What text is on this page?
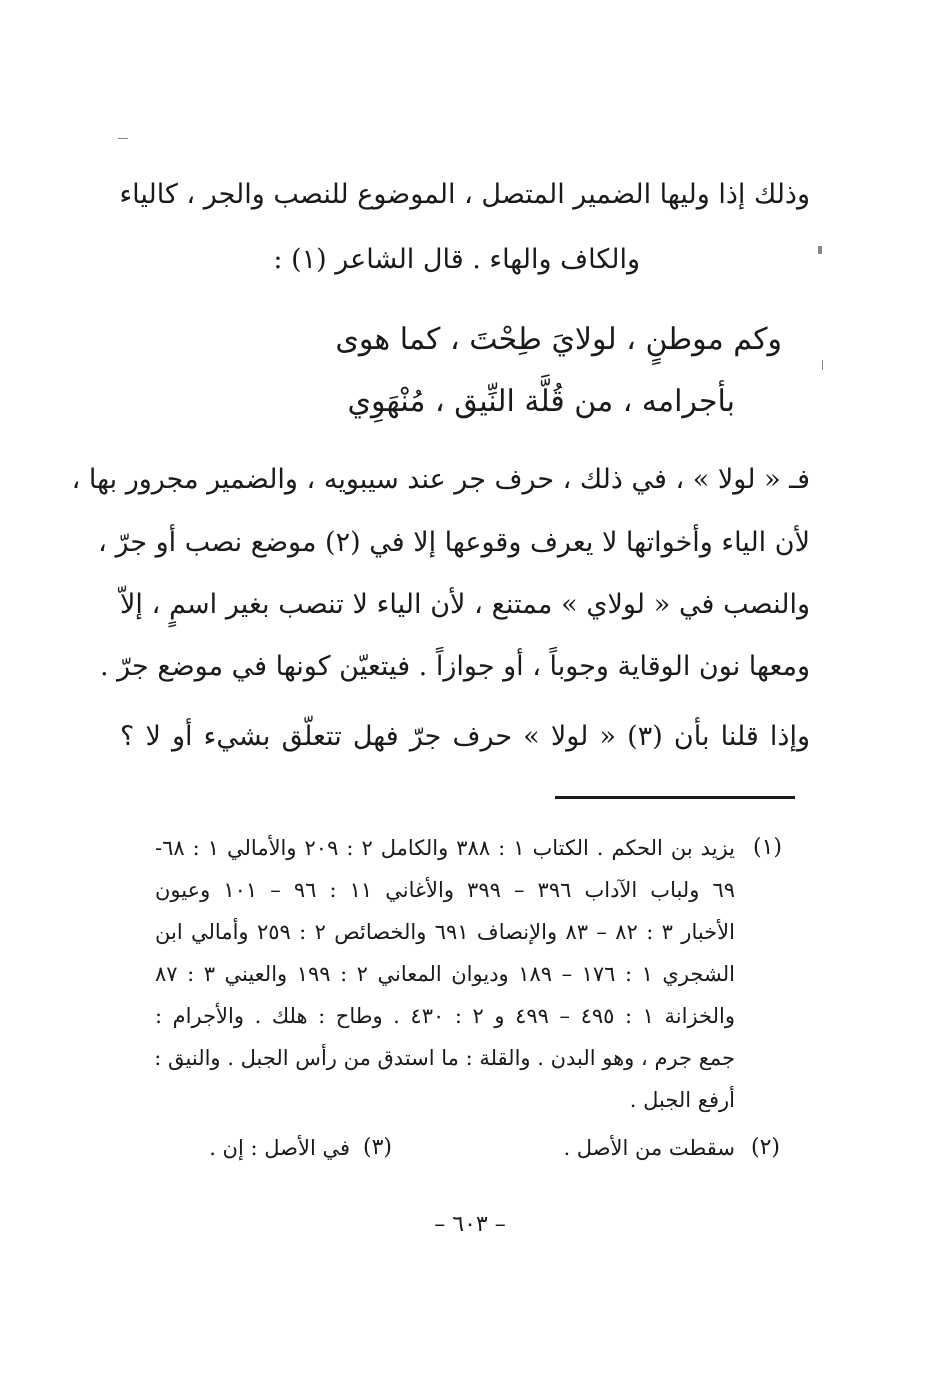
وذلك إذا وليها الضمير المتصل ، الموضوع للنصب والجر ، كالياء
والكاف والهاء . قال الشاعر (١) :
وكم موطنٍ ، لولايَ طِحْتَ ، كما هوى
بأجرامه ، من قُلَّة النِّيق ، مُنْهَوِي
فـ « لولا » ، في ذلك ، حرف جر عند سيبويه ، والضمير مجرور بها ،
لأن الياء وأخواتها لا يعرف وقوعها إلا في (٢) موضع نصب أو جرّ ،
والنصب في « لولاي » ممتنع ، لأن الياء لا تنصب بغير اسمٍ ، إلاّ
ومعها نون الوقاية وجوباً ، أو جوازاً . فيتعيّن كونها في موضع جرّ .
وإذا قلنا بأن (٣) « لولا » حرف جرّ فهل تتعلّق بشيء أو لا ؟
(١)
يزيد بن الحكم . الكتاب ١ : ٣٨٨ والكامل ٢ : ٢٠٩ والأمالي ١ : ٦٨-
٦٩ ولباب الآداب ٣٩٦ – ٣٩٩ والأغاني ١١ : ٩٦ – ١٠١ وعيون
الأخبار ٣ : ٨٢ – ٨٣ والإنصاف ٦٩١ والخصائص ٢ : ٢٥٩ وأمالي ابن
الشجري ١ : ١٧٦ – ١٨٩ وديوان المعاني ٢ : ١٩٩ والعيني ٣ : ٨٧
والخزانة ١ : ٤٩٥ – ٤٩٩ و ٢ : ٤٣٠ . وطاح : هلك . والأجرام :
جمع جرم ، وهو البدن . والقلة : ما استدق من رأس الجبل . والنيق :
أرفع الجبل .
(٢)
سقطت من الأصل .
(٣)
في الأصل : إن .
– ٦٠٣ –
